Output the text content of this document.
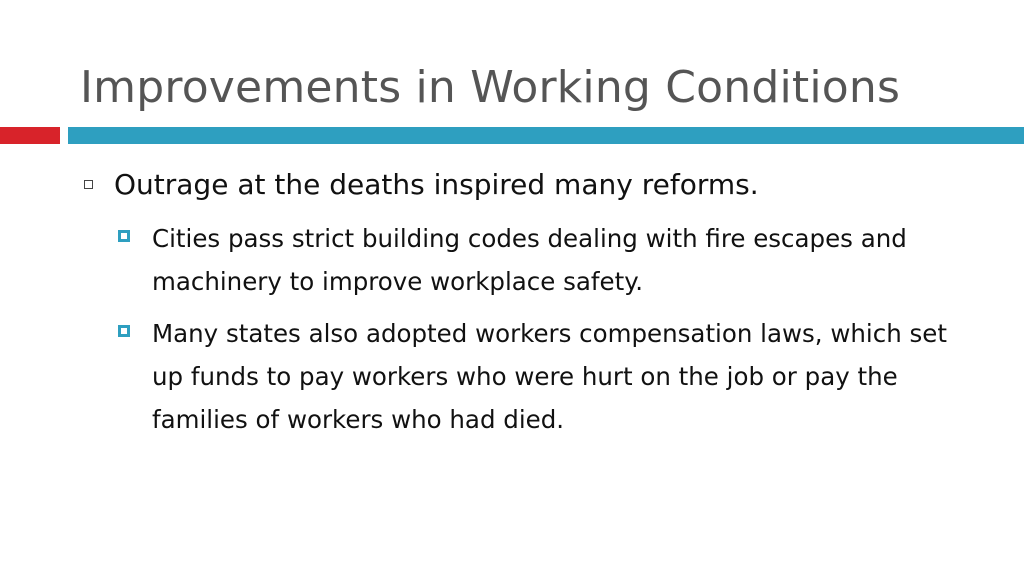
Improvements in Working Conditions
Outrage at the deaths inspired many reforms.
Cities pass strict building codes dealing with fire escapes and machinery to improve workplace safety.
Many states also adopted workers compensation laws, which set up funds to pay workers who were hurt on the job or pay the families of workers who had died.
